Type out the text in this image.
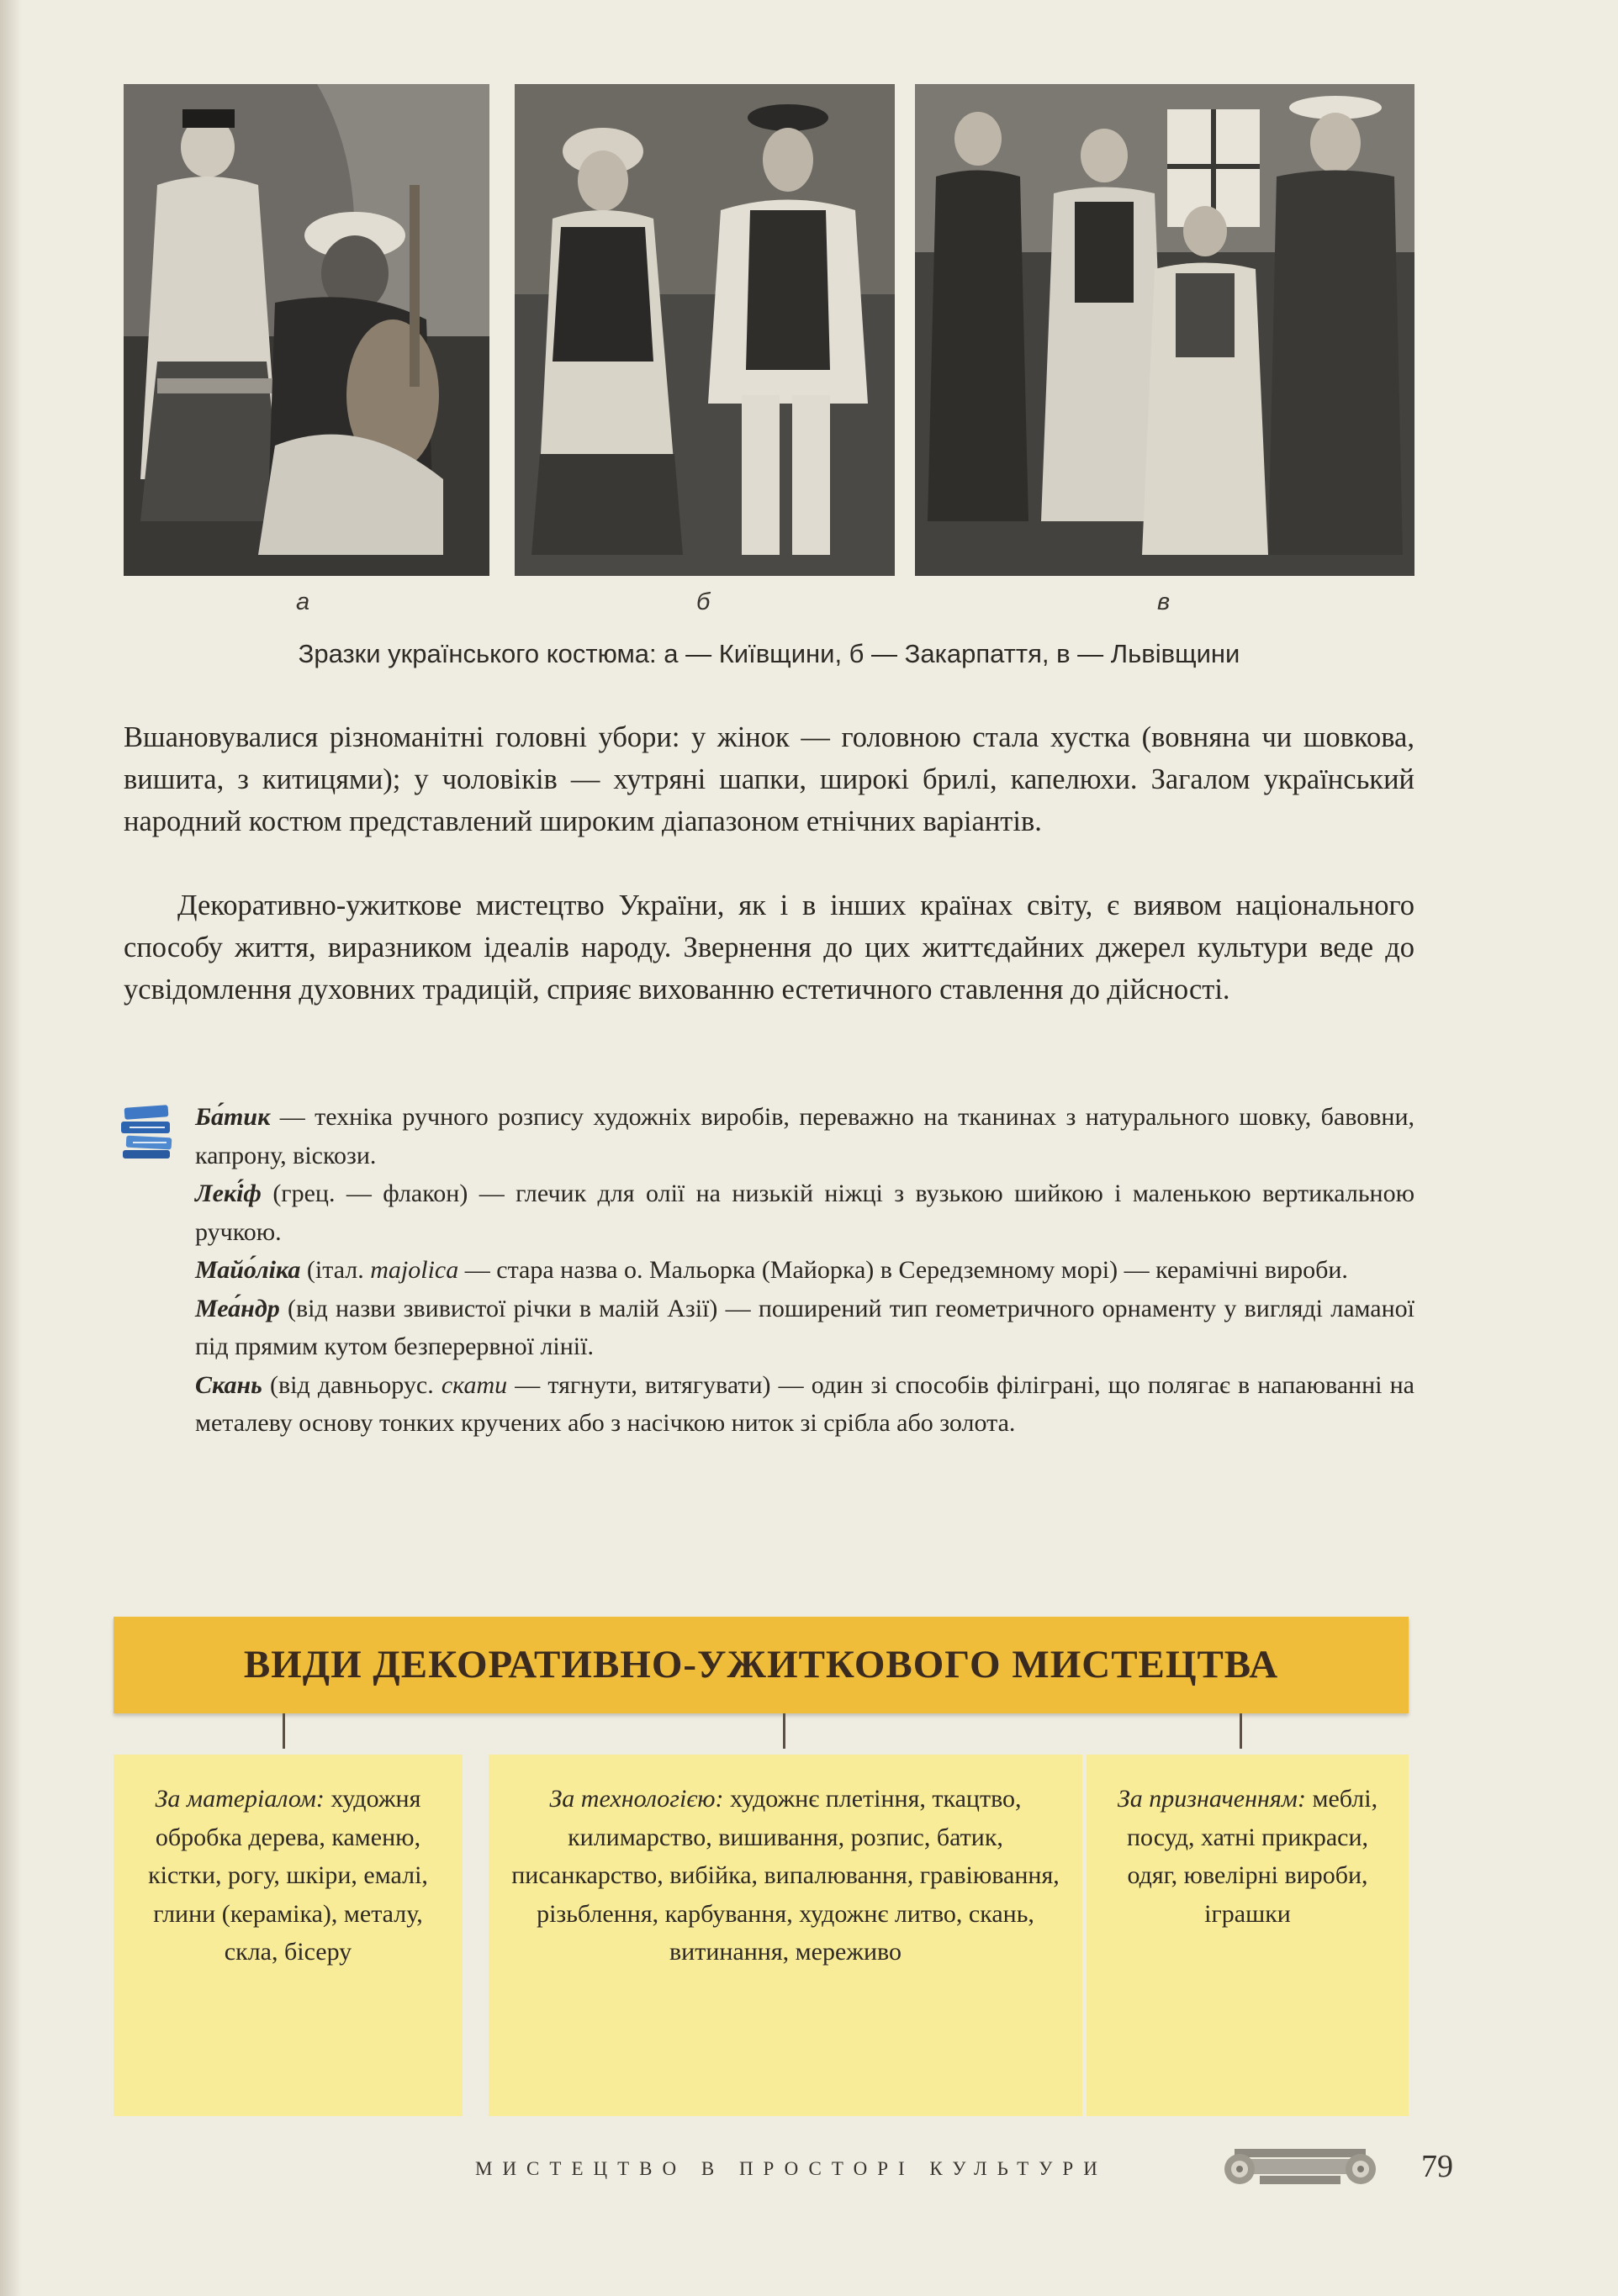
а	б	в
Зразки українського костюма: а — Київщини, б — Закарпаття, в — Львівщини

Вшановувалися різноманітні головні убори: у жінок — головною стала хустка (вовняна чи шовкова, вишита, з китицями); у чоловіків — хутряні шапки, широкі брилі, капелюхи. Загалом український народний костюм представлений широким діапазоном етнічних варіантів.

Декоративно-ужиткове мистецтво України, як і в інших країнах світу, є виявом національного способу життя, виразником ідеалів народу. Звернення до цих життєдайних джерел культури веде до усвідомлення духовних традицій, сприяє вихованню естетичного ставлення до дійсності.

Ба́тик — техніка ручного розпису художніх виробів, переважно на тканинах з натурального шовку, бавовни, капрону, віскози.

Лекі́ф (грец. — флакон) — глечик для олії на низькій ніжці з вузькою шийкою і маленькою вертикальною ручкою.

Майо́ліка (італ. majolica — стара назва о. Мальорка (Майорка) в Середземному морі) — керамічні вироби.

Меа́ндр (від назви звивистої річки в малій Азії) — поширений тип геометричного орнаменту у вигляді ламаної під прямим кутом безперервної лінії.

Скань (від давньорус. скати — тягнути, витягувати) — один зі способів філіграні, що полягає в напаюванні на металеву основу тонких кручених або з насічкою ниток зі срібла або золота.

ВИДИ ДЕКОРАТИВНО-УЖИТКОВОГО МИСТЕЦТВА
За матеріалом: художня обробка дерева, каменю, кістки, рогу, шкіри, емалі, глини (кераміка), металу, скла, бісеру
За технологією: художнє плетіння, ткацтво, килимарство, вишивання, розпис, батик, писанкарство, вибійка, випалювання, гравіювання, різьблення, карбування, художнє литво, скань, витинання, мереживо
За призначенням: меблі, посуд, хатні прикраси, одяг, ювелірні вироби, іграшки
МИСТЕЦТВО В ПРОСТОРІ КУЛЬТУРИ	79
